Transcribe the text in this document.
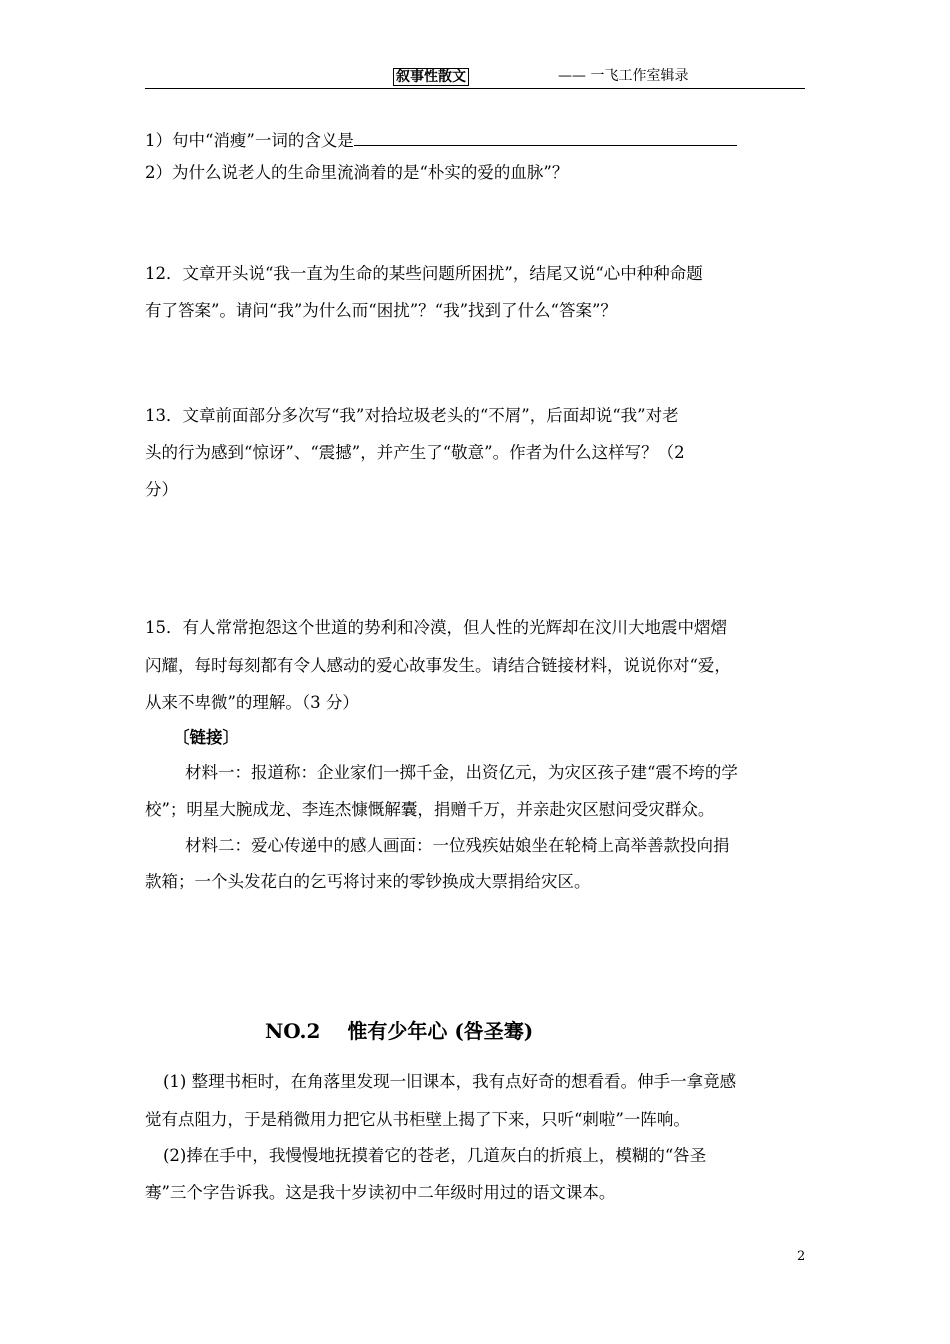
叙事性散文	—— 一飞工作室辑录
1）句中“消瘦”一词的含义是
2）为什么说老人的生命里流淌着的是“朴实的爱的血脉”？
12．文章开头说“我一直为生命的某些问题所困扰”，结尾又说“心中种种命题
有了答案”。请问“我”为什么而“困扰”？“我”找到了什么“答案”？
13．文章前面部分多次写“我”对拾垃圾老头的“不屑”，后面却说“我”对老
头的行为感到“惊讶”、“震撼”，并产生了“敬意”。作者为什么这样写？（2
分）
15．有人常常抱怨这个世道的势利和冷漠，但人性的光辉却在汶川大地震中熠熠
闪耀，每时每刻都有令人感动的爱心故事发生。请结合链接材料，说说你对“爱，
从来不卑微”的理解。（3 分）
〔链接〕
材料一：报道称：企业家们一掷千金，出资亿元，为灾区孩子建“震不垮的学
校”；明星大腕成龙、李连杰慷慨解囊，捐赠千万，并亲赴灾区慰问受灾群众。
材料二：爱心传递中的感人画面：一位残疾姑娘坐在轮椅上高举善款投向捐
款箱；一个头发花白的乞丐将讨来的零钞换成大票捐给灾区。
(1) 整理书柜时，在角落里发现一旧课本，我有点好奇的想看看。伸手一拿竟感
觉有点阻力，于是稍微用力把它从书柜壁上揭了下来，只听“刺啦”一阵响。
(2)捧在手中，我慢慢地抚摸着它的苍老，几道灰白的折痕上，模糊的“咎圣
骞”三个字告诉我。这是我十岁读初中二年级时用过的语文课本。
NO.2　 惟有少年心 (咎圣骞)
2
